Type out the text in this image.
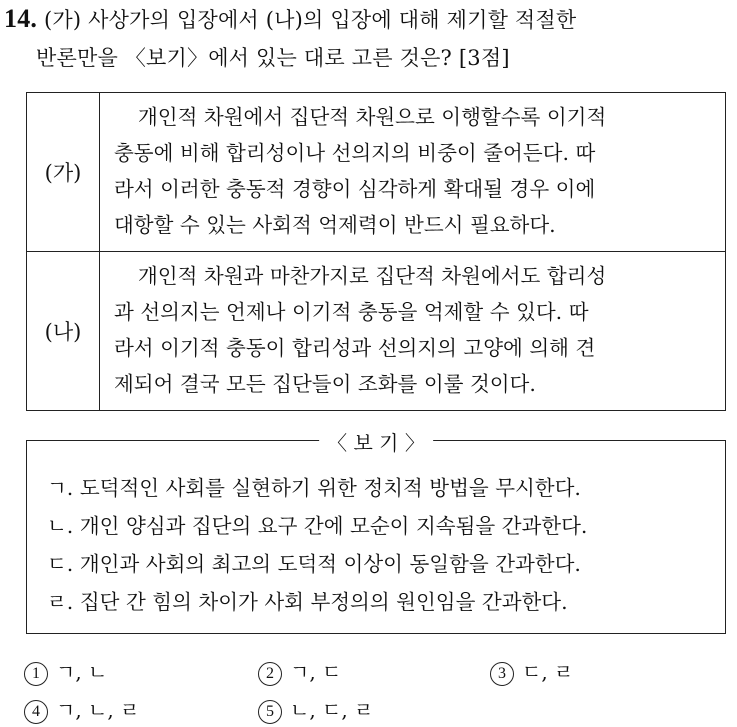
14. (가) 사상가의 입장에서 (나)의 입장에 대해 제기할 적절한
반론만을 〈보기〉에서 있는 대로 고른 것은? [3점]
(가)	개인적 차원에서 집단적 차원으로 이행할수록 이기적
충동에 비해 합리성이나 선의지의 비중이 줄어든다. 따
라서 이러한 충동적 경향이 심각하게 확대될 경우 이에
대항할 수 있는 사회적 억제력이 반드시 필요하다.

(나)	개인적 차원과 마찬가지로 집단적 차원에서도 합리성
과 선의지는 언제나 이기적 충동을 억제할 수 있다. 따
라서 이기적 충동이 합리성과 선의지의 고양에 의해 견
제되어 결국 모든 집단들이 조화를 이룰 것이다.
〈 보 기 〉
ㄱ. 도덕적인 사회를 실현하기 위한 정치적 방법을 무시한다.
ㄴ. 개인 양심과 집단의 요구 간에 모순이 지속됨을 간과한다.
ㄷ. 개인과 사회의 최고의 도덕적 이상이 동일함을 간과한다.
ㄹ. 집단 간 힘의 차이가 사회 부정의의 원인임을 간과한다.
1 ㄱ, ㄴ	2 ㄱ, ㄷ	3 ㄷ, ㄹ
4 ㄱ, ㄴ, ㄹ	5 ㄴ, ㄷ, ㄹ
